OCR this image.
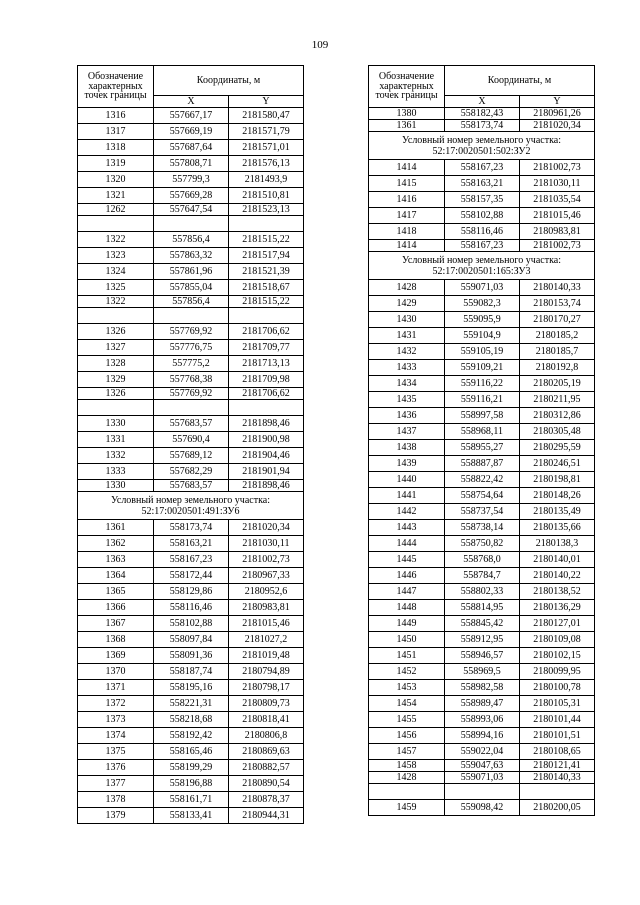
109
Обозначение характерных точек границы	Координаты, м	
	X	Y
1316	557667,17	2181580,47
1317	557669,19	2181571,79
1318	557687,64	2181571,01
1319	557808,71	2181576,13
1320	557799,3	2181493,9
1321	557669,28	2181510,81
1262	557647,54	2181523,13

1322	557856,4	2181515,22
1323	557863,32	2181517,94
1324	557861,96	2181521,39
1325	557855,04	2181518,67
1322	557856,4	2181515,22

1326	557769,92	2181706,62
1327	557776,75	2181709,77
1328	557775,2	2181713,13
1329	557768,38	2181709,98
1326	557769,92	2181706,62

1330	557683,57	2181898,46
1331	557690,4	2181900,98
1332	557689,12	2181904,46
1333	557682,29	2181901,94
1330	557683,57	2181898,46
Условный номер земельного участка: 52:17:0020501:491:ЗУ6		
1361	558173,74	2181020,34
1362	558163,21	2181030,11
1363	558167,23	2181002,73
1364	558172,44	2180967,33
1365	558129,86	2180952,6
1366	558116,46	2180983,81
1367	558102,88	2181015,46
1368	558097,84	2181027,2
1369	558091,36	2181019,48
1370	558187,74	2180794,89
1371	558195,16	2180798,17
1372	558221,31	2180809,73
1373	558218,68	2180818,41
1374	558192,42	2180806,8
1375	558165,46	2180869,63
1376	558199,29	2180882,57
1377	558196,88	2180890,54
1378	558161,71	2180878,37
1379	558133,41	2180944,31
Обозначение характерных точек границы	Координаты, м	
	X	Y
1380	558182,43	2180961,26
1361	558173,74	2181020,34
Условный номер земельного участка: 52:17:0020501:502:ЗУ2		
1414	558167,23	2181002,73
1415	558163,21	2181030,11
1416	558157,35	2181035,54
1417	558102,88	2181015,46
1418	558116,46	2180983,81
1414	558167,23	2181002,73
Условный номер земельного участка: 52:17:0020501:165:ЗУ3		
1428	559071,03	2180140,33
1429	559082,3	2180153,74
1430	559095,9	2180170,27
1431	559104,9	2180185,2
1432	559105,19	2180185,7
1433	559109,21	2180192,8
1434	559116,22	2180205,19
1435	559116,21	2180211,95
1436	558997,58	2180312,86
1437	558968,11	2180305,48
1438	558955,27	2180295,59
1439	558887,87	2180246,51
1440	558822,42	2180198,81
1441	558754,64	2180148,26
1442	558737,54	2180135,49
1443	558738,14	2180135,66
1444	558750,82	2180138,3
1445	558768,0	2180140,01
1446	558784,7	2180140,22
1447	558802,33	2180138,52
1448	558814,95	2180136,29
1449	558845,42	2180127,01
1450	558912,95	2180109,08
1451	558946,57	2180102,15
1452	558969,5	2180099,95
1453	558982,58	2180100,78
1454	558989,47	2180105,31
1455	558993,06	2180101,44
1456	558994,16	2180101,51
1457	559022,04	2180108,65
1458	559047,63	2180121,41
1428	559071,03	2180140,33

1459	559098,42	2180200,05
